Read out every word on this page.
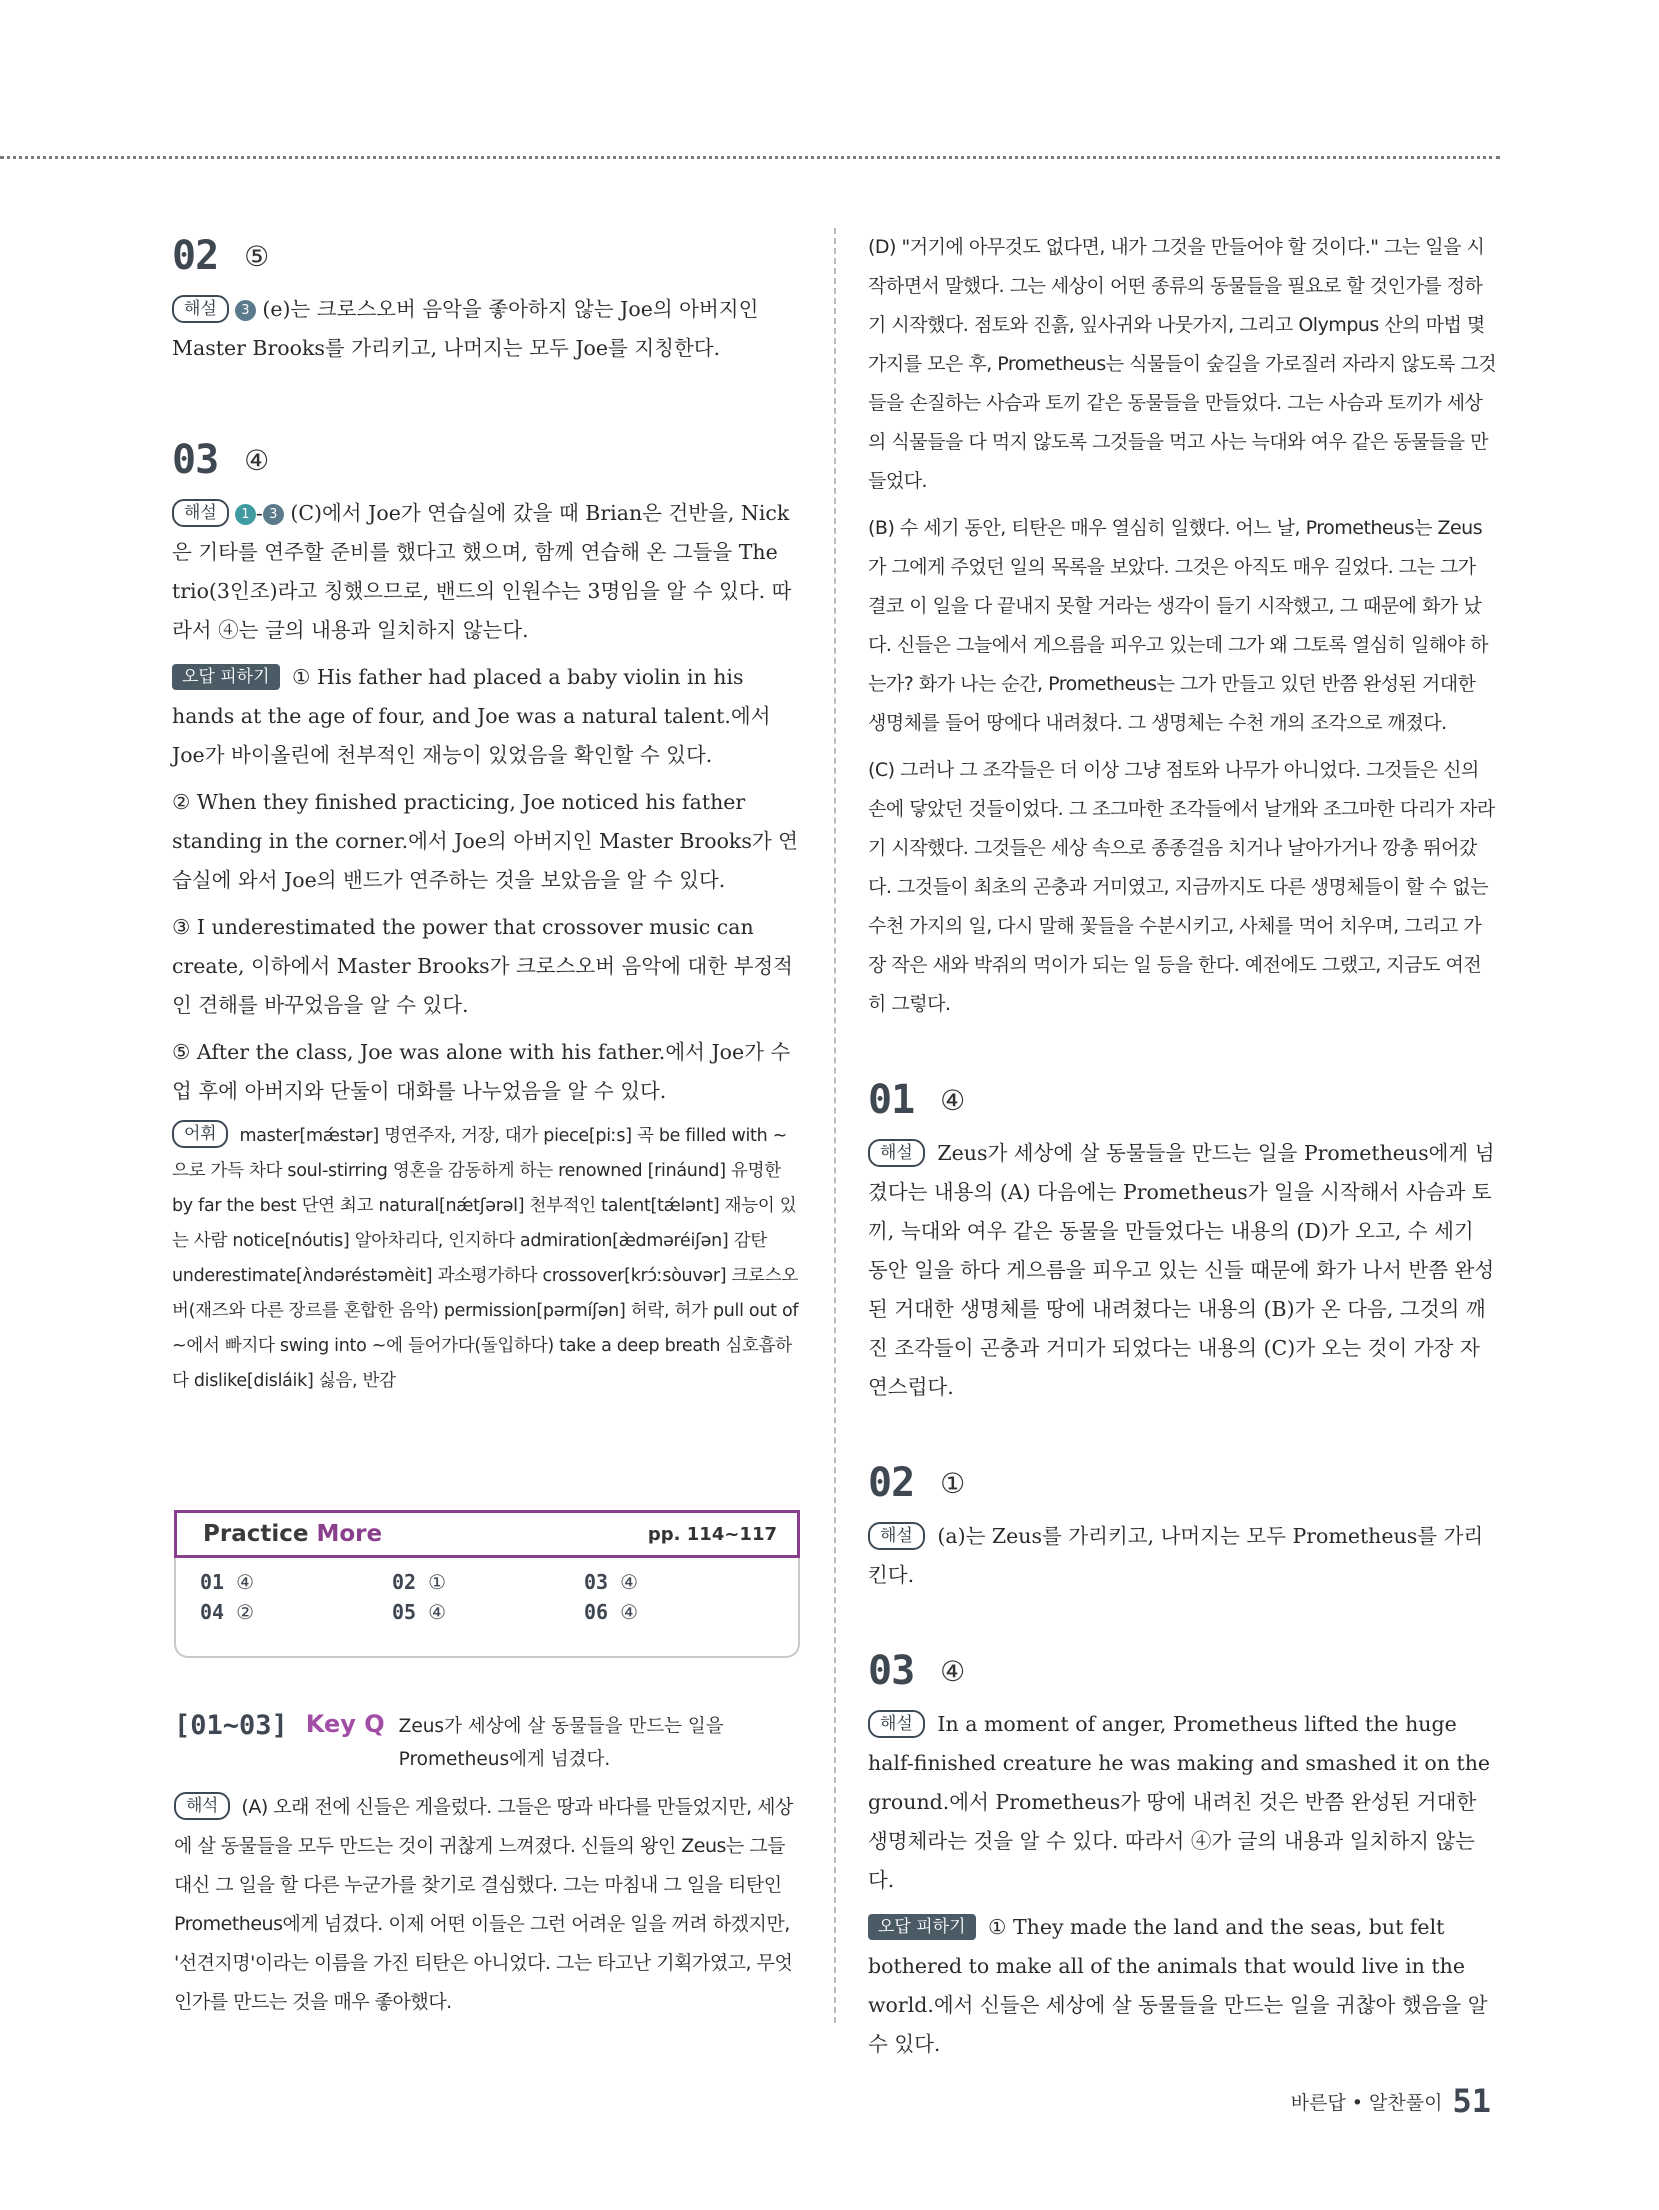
02 ⑤

해설 3 (e)는 크로스오버 음악을 좋아하지 않는 Joe의 아버지인 Master Brooks를 가리키고, 나머지는 모두 Joe를 지칭한다.

03 ④

해설 1 - 3 (C)에서 Joe가 연습실에 갔을 때 Brian은 건반을, Nick은 기타를 연주할 준비를 했다고 했으며, 함께 연습해 온 그들을 The trio(3인조)라고 칭했으므로, 밴드의 인원수는 3명임을 알 수 있다. 따라서 ④는 글의 내용과 일치하지 않는다.

오답 피하기 ① His father had placed a baby violin in his hands at the age of four, and Joe was a natural talent.에서 Joe가 바이올린에 천부적인 재능이 있었음을 확인할 수 있다.

② When they finished practicing, Joe noticed his father standing in the corner.에서 Joe의 아버지인 Master Brooks가 연습실에 와서 Joe의 밴드가 연주하는 것을 보았음을 알 수 있다.

③ I underestimated the power that crossover music can create, 이하에서 Master Brooks가 크로스오버 음악에 대한 부정적인 견해를 바꾸었음을 알 수 있다.

⑤ After the class, Joe was alone with his father.에서 Joe가 수업 후에 아버지와 단둘이 대화를 나누었음을 알 수 있다.

어휘 master[mǽstər] 명연주자, 거장, 대가 piece[piːs] 곡 be filled with ~으로 가득 차다 soul-stirring 영혼을 감동하게 하는 renowned [rináund] 유명한 by far the best 단연 최고 natural[nǽtʃərəl] 천부적인 talent[tǽlənt] 재능이 있는 사람 notice[nóutis] 알아차리다, 인지하다 admiration[æ̀dməréiʃən] 감탄 underestimate[ʌ̀ndəréstəmèit] 과소평가하다 crossover[krɔ́ːsòuvər] 크로스오버(재즈와 다른 장르를 혼합한 음악) permission[pərmíʃən] 허락, 허가 pull out of ~에서 빠지다 swing into ~에 들어가다(돌입하다) take a deep breath 심호흡하다 dislike[disláik] 싫음, 반감

Practice More	pp. 114~117
01 ④	02 ①	03 ④
04 ②	05 ④	06 ④
[01~03] Key Q Zeus가 세상에 살 동물들을 만드는 일을 Prometheus에게 넘겼다.

해석 (A) 오래 전에 신들은 게을렀다. 그들은 땅과 바다를 만들었지만, 세상에 살 동물들을 모두 만드는 것이 귀찮게 느껴졌다. 신들의 왕인 Zeus는 그들 대신 그 일을 할 다른 누군가를 찾기로 결심했다. 그는 마침내 그 일을 티탄인 Prometheus에게 넘겼다. 이제 어떤 이들은 그런 어려운 일을 꺼려 하겠지만, '선견지명'이라는 이름을 가진 티탄은 아니었다. 그는 타고난 기획가였고, 무엇인가를 만드는 것을 매우 좋아했다.

(D) "거기에 아무것도 없다면, 내가 그것을 만들어야 할 것이다." 그는 일을 시작하면서 말했다. 그는 세상이 어떤 종류의 동물들을 필요로 할 것인가를 정하기 시작했다. 점토와 진흙, 잎사귀와 나뭇가지, 그리고 Olympus 산의 마법 몇 가지를 모은 후, Prometheus는 식물들이 숲길을 가로질러 자라지 않도록 그것들을 손질하는 사슴과 토끼 같은 동물들을 만들었다. 그는 사슴과 토끼가 세상의 식물들을 다 먹지 않도록 그것들을 먹고 사는 늑대와 여우 같은 동물들을 만들었다.

(B) 수 세기 동안, 티탄은 매우 열심히 일했다. 어느 날, Prometheus는 Zeus가 그에게 주었던 일의 목록을 보았다. 그것은 아직도 매우 길었다. 그는 그가 결코 이 일을 다 끝내지 못할 거라는 생각이 들기 시작했고, 그 때문에 화가 났다. 신들은 그늘에서 게으름을 피우고 있는데 그가 왜 그토록 열심히 일해야 하는가? 화가 나는 순간, Prometheus는 그가 만들고 있던 반쯤 완성된 거대한 생명체를 들어 땅에다 내려쳤다. 그 생명체는 수천 개의 조각으로 깨졌다.

(C) 그러나 그 조각들은 더 이상 그냥 점토와 나무가 아니었다. 그것들은 신의 손에 닿았던 것들이었다. 그 조그마한 조각들에서 날개와 조그마한 다리가 자라기 시작했다. 그것들은 세상 속으로 종종걸음 치거나 날아가거나 깡총 뛰어갔다. 그것들이 최초의 곤충과 거미였고, 지금까지도 다른 생명체들이 할 수 없는 수천 가지의 일, 다시 말해 꽃들을 수분시키고, 사체를 먹어 치우며, 그리고 가장 작은 새와 박쥐의 먹이가 되는 일 등을 한다. 예전에도 그랬고, 지금도 여전히 그렇다.

01 ④

해설 Zeus가 세상에 살 동물들을 만드는 일을 Prometheus에게 넘겼다는 내용의 (A) 다음에는 Prometheus가 일을 시작해서 사슴과 토끼, 늑대와 여우 같은 동물을 만들었다는 내용의 (D)가 오고, 수 세기 동안 일을 하다 게으름을 피우고 있는 신들 때문에 화가 나서 반쯤 완성된 거대한 생명체를 땅에 내려쳤다는 내용의 (B)가 온 다음, 그것의 깨진 조각들이 곤충과 거미가 되었다는 내용의 (C)가 오는 것이 가장 자연스럽다.

02 ①

해설 (a)는 Zeus를 가리키고, 나머지는 모두 Prometheus를 가리킨다.

03 ④

해설 In a moment of anger, Prometheus lifted the huge half-finished creature he was making and smashed it on the ground.에서 Prometheus가 땅에 내려친 것은 반쯤 완성된 거대한 생명체라는 것을 알 수 있다. 따라서 ④가 글의 내용과 일치하지 않는다.

오답 피하기 ① They made the land and the seas, but felt bothered to make all of the animals that would live in the world.에서 신들은 세상에 살 동물들을 만드는 일을 귀찮아 했음을 알 수 있다.

바른답 • 알찬풀이 51
